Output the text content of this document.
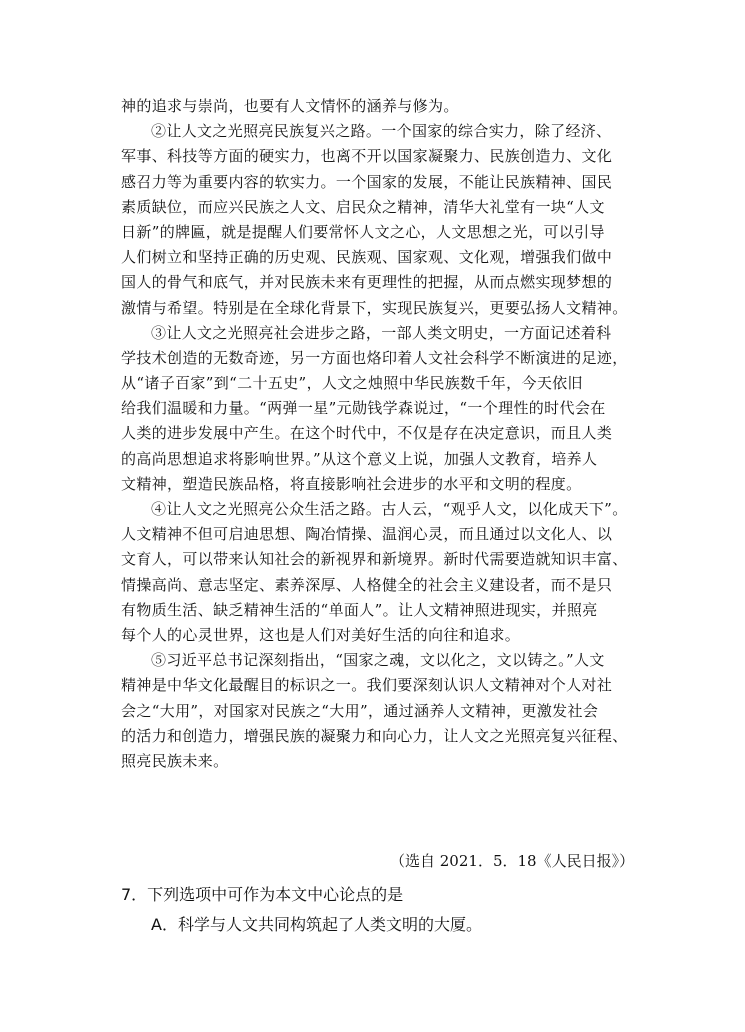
神的追求与崇尚，也要有人文情怀的涵养与修为。
②让人文之光照亮民族复兴之路。一个国家的综合实力，除了经济、
军事、科技等方面的硬实力，也离不开以国家凝聚力、民族创造力、文化
感召力等为重要内容的软实力。一个国家的发展，不能让民族精神、国民
素质缺位，而应兴民族之人文、启民众之精神，清华大礼堂有一块“人文
日新”的牌匾，就是提醒人们要常怀人文之心，人文思想之光，可以引导
人们树立和坚持正确的历史观、民族观、国家观、文化观，增强我们做中
国人的骨气和底气，并对民族未来有更理性的把握，从而点燃实现梦想的
激情与希望。特别是在全球化背景下，实现民族复兴，更要弘扬人文精神。
③让人文之光照亮社会进步之路，一部人类文明史，一方面记述着科
学技术创造的无数奇迹，另一方面也烙印着人文社会科学不断演进的足迹，
从“诸子百家”到“二十五史”，人文之烛照中华民族数千年，今天依旧
给我们温暖和力量。“两弹一星”元勋钱学森说过，“一个理性的时代会在
人类的进步发展中产生。在这个时代中，不仅是存在决定意识，而且人类
的高尚思想追求将影响世界。”从这个意义上说，加强人文教育，培养人
文精神，塑造民族品格，将直接影响社会进步的水平和文明的程度。
④让人文之光照亮公众生活之路。古人云，“观乎人文，以化成天下”。
人文精神不但可启迪思想、陶冶情操、温润心灵，而且通过以文化人、以
文育人，可以带来认知社会的新视界和新境界。新时代需要造就知识丰富、
情操高尚、意志坚定、素养深厚、人格健全的社会主义建设者，而不是只
有物质生活、缺乏精神生活的“单面人”。让人文精神照进现实，并照亮
每个人的心灵世界，这也是人们对美好生活的向往和追求。
⑤习近平总书记深刻指出，“国家之魂，文以化之，文以铸之。”人文
精神是中华文化最醒目的标识之一。我们要深刻认识人文精神对个人对社
会之“大用”，对国家对民族之“大用”，通过涵养人文精神，更激发社会
的活力和创造力，增强民族的凝聚力和向心力，让人文之光照亮复兴征程、
照亮民族未来。
（选自 2021．5．18《人民日报》）
7．下列选项中可作为本文中心论点的是
A．科学与人文共同构筑起了人类文明的大厦。
